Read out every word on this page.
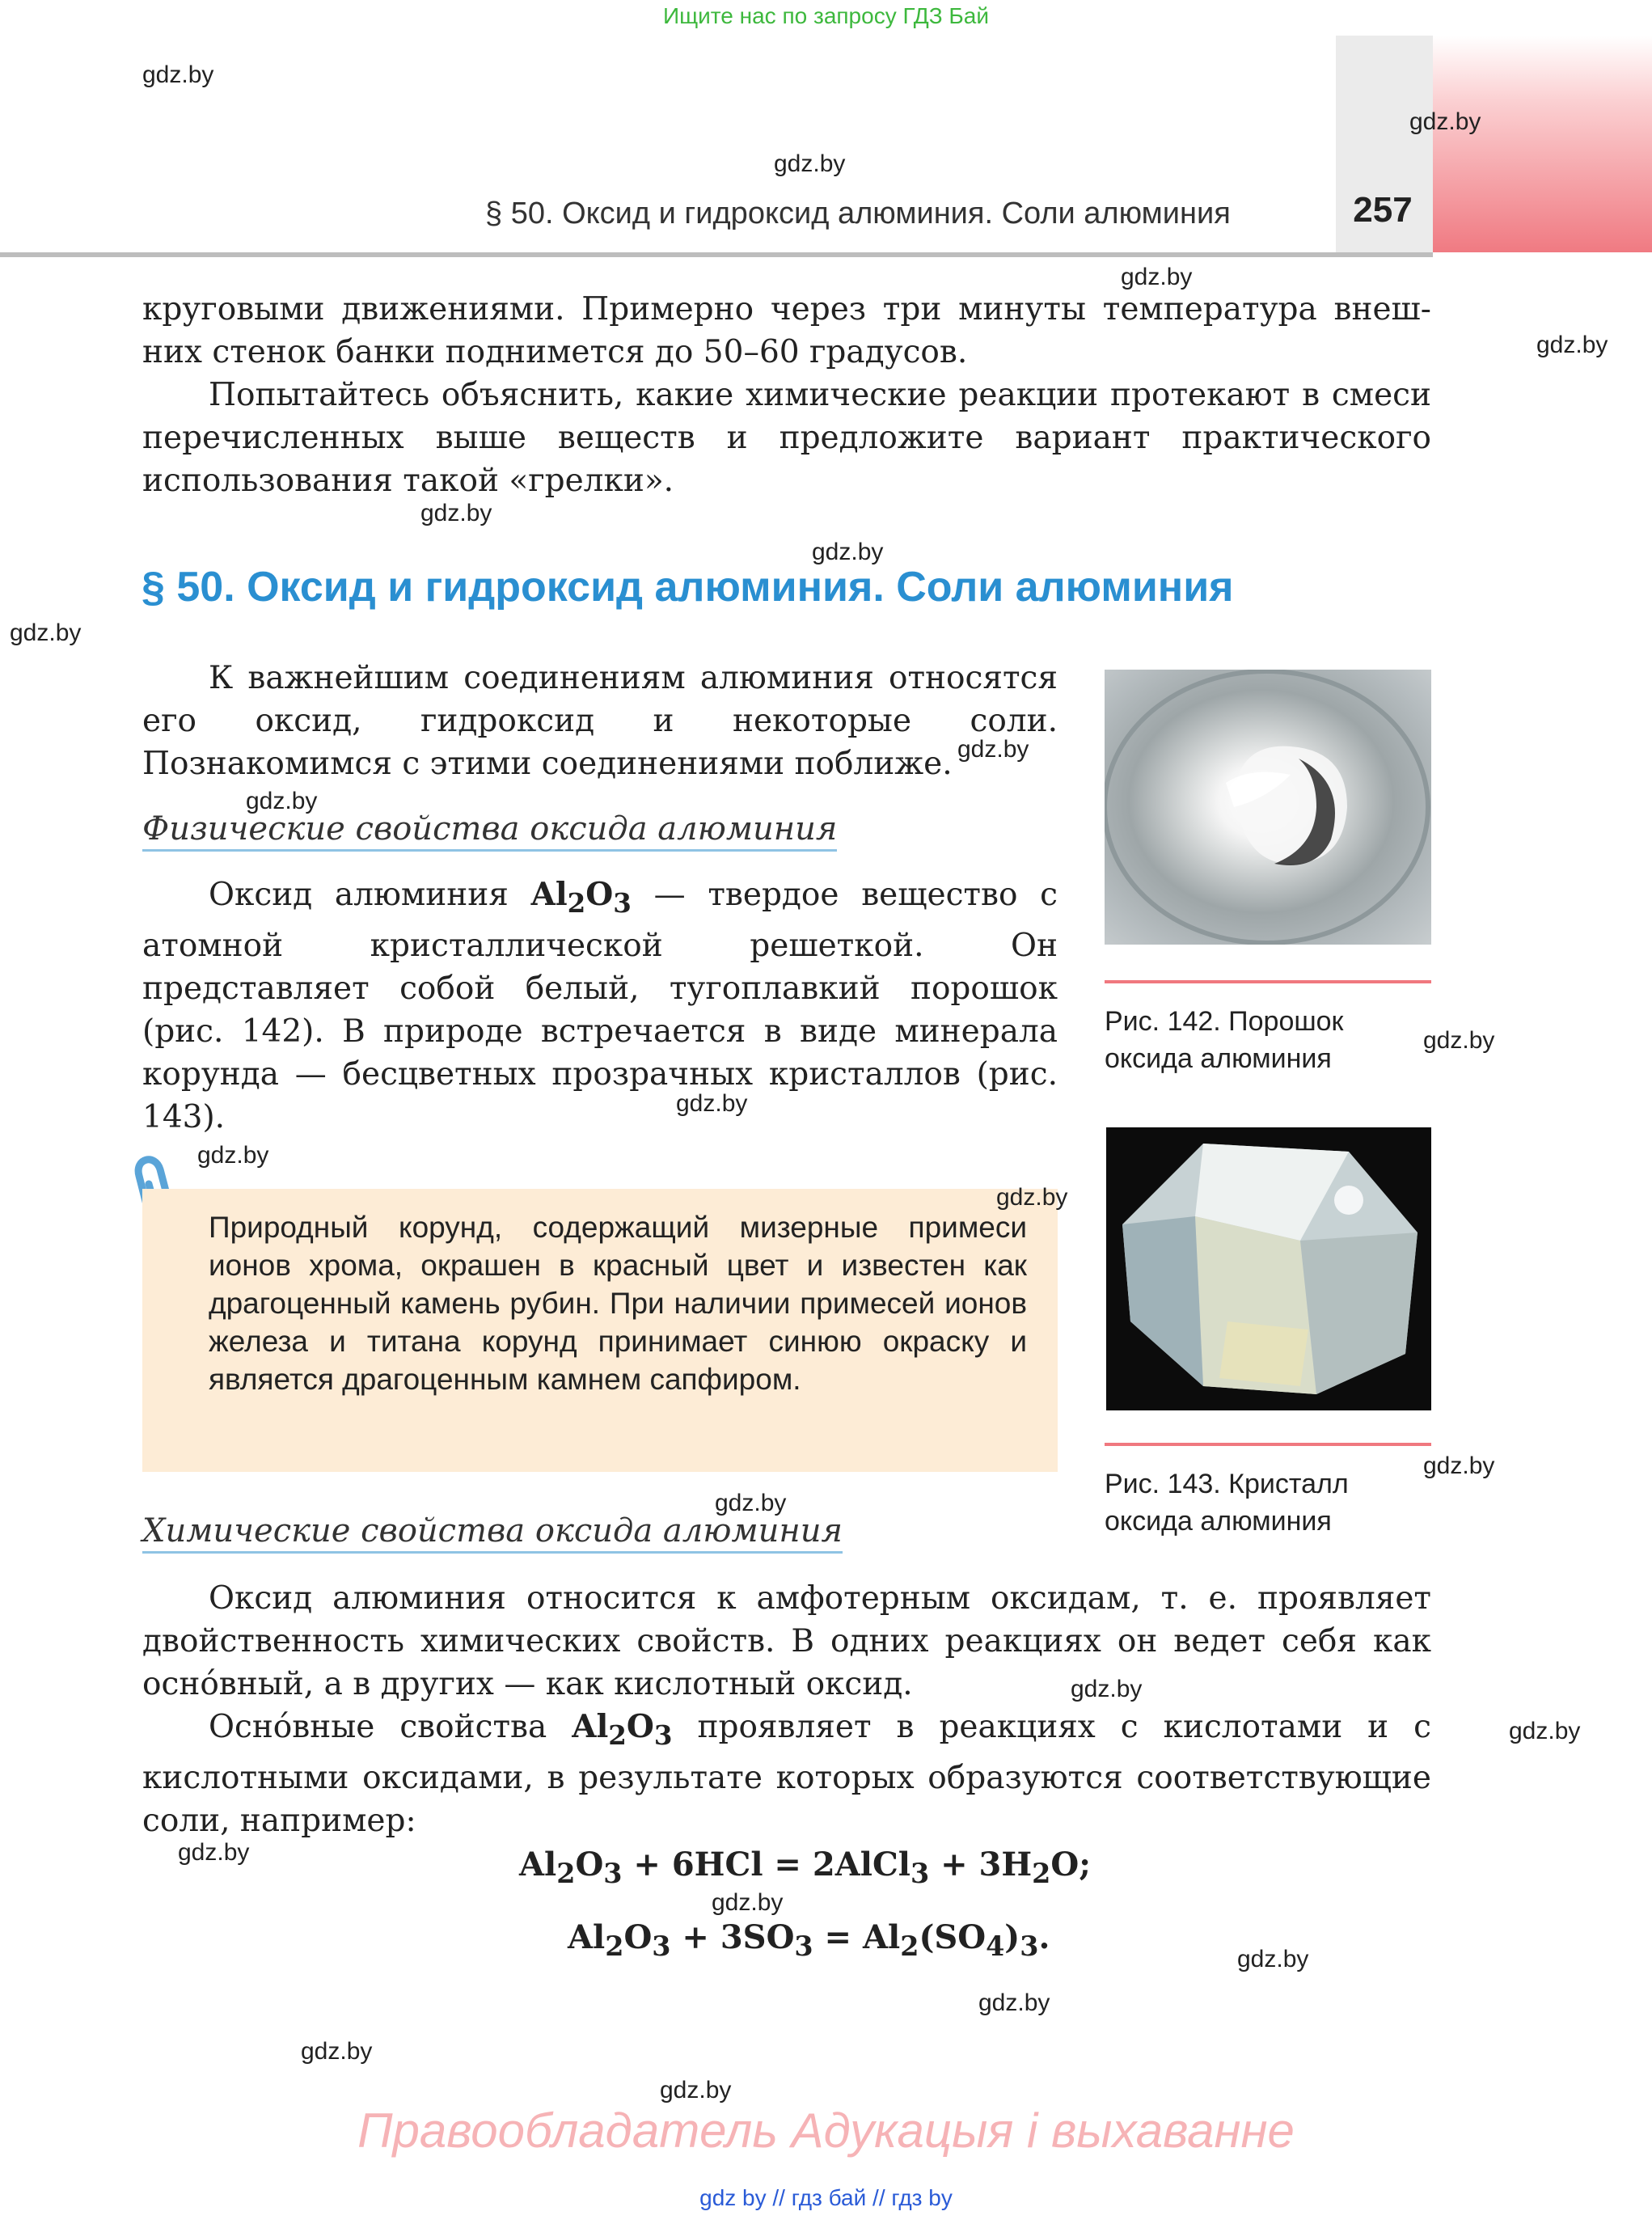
Ищите нас по запросу ГДЗ Бай
257
§ 50. Оксид и гидроксид алюминия. Соли алюминия

круговыми движениями. Примерно через три минуты температура внеш-

них стенок банки поднимется до 50–60 градусов.

Попытайтесь объяснить, какие химические реакции протекают в смеси перечисленных выше веществ и предложите вариант практического использования такой «грелки».

§ 50. Оксид и гидроксид алюминия. Соли алюминия

К важнейшим соединениям алюминия относятся его оксид, гидроксид и некоторые соли. Познакомимся с этими соединениями поближе.

Физические свойства оксида алюминия

Оксид алюминия $Al_2O_3$ — твердое вещество с атомной кристаллической решеткой. Он представляет собой белый, тугоплавкий порошок (рис. 142). В природе встречается в виде минерала корунда — бесцветных прозрачных кристаллов (рис. 143).

Природный корунд, содержащий мизерные примеси ионов хрома, окрашен в красный цвет и известен как драгоценный камень рубин. При наличии примесей ионов железа и титана корунд принимает синюю окраску и является драгоценным камнем сапфиром.
Рис. 142. Порошок
оксида алюминия
Рис. 143. Кристалл
оксида алюминия
Химические свойства оксида алюминия

Оксид алюминия относится к амфотерным оксидам, т. е. проявляет двойственность химических свойств. В одних реакциях он ведет себя как осно́вный, а в других — как кислотный оксид.

Осно́вные свойства $Al_2O_3$ проявляет в реакциях с кислотами и с кислотными оксидами, в результате которых образуются соответствующие соли, например:

$Al_2O_3 + 6HCl$ = 2AlCl$_3$ + $3H_2O$;
$Al_2O_3 + 3SO_3 = Al_2(SO_4)_3$.
gdz.by
gdz.by
gdz.by
gdz.by
gdz.by
gdz.by
gdz.by
gdz.by
gdz.by
gdz.by
gdz.by
gdz.by
gdz.by
gdz.by
gdz.by
gdz.by
gdz.by
gdz.by
gdz.by
gdz.by
gdz.by
gdz.by
gdz.by
gdz.by
Правообладатель Адукацыя і выхаванне
gdz by // гдз бай // гдз by
